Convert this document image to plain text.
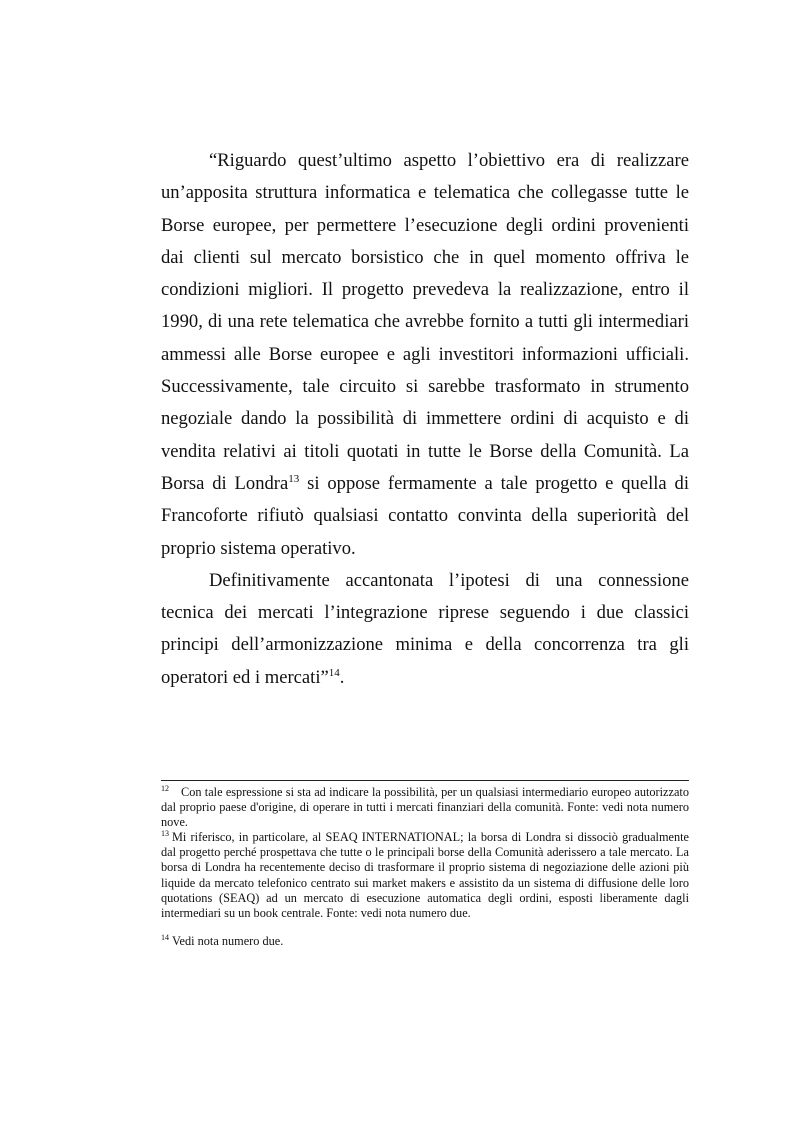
“Riguardo quest’ultimo aspetto l’obiettivo era di realizzare un’apposita struttura informatica e telematica che collegasse tutte le Borse europee, per permettere l’esecuzione degli ordini provenienti dai clienti sul mercato borsistico che in quel momento offriva le condizioni migliori. Il progetto prevedeva la realizzazione, entro il 1990, di una rete telematica che avrebbe fornito a tutti gli intermediari ammessi alle Borse europee e agli investitori informazioni ufficiali. Successivamente, tale circuito si sarebbe trasformato in strumento negoziale dando la possibilità di immettere ordini di acquisto e di vendita relativi ai titoli quotati in tutte le Borse della Comunità. La Borsa di Londra$^{13}$ si oppose fermamente a tale progetto e quella di Francoforte rifiutò qualsiasi contatto convinta della superiorità del proprio sistema operativo.

Definitivamente accantonata l’ipotesi di una connessione tecnica dei mercati l’integrazione riprese seguendo i due classici principi dell’armonizzazione minima e della concorrenza tra gli operatori ed i mercati”$^{14}$.

$^{12}$ Con tale espressione si sta ad indicare la possibilità, per un qualsiasi intermediario europeo autorizzato dal proprio paese d'origine, di operare in tutti i mercati finanziari della comunità. Fonte: vedi nota numero nove.

$^{13}$ Mi riferisco, in particolare, al SEAQ INTERNATIONAL; la borsa di Londra si dissociò gradualmente dal progetto perché prospettava che tutte o le principali borse della Comunità aderissero a tale mercato. La borsa di Londra ha recentemente deciso di trasformare il proprio sistema di negoziazione delle azioni più liquide da mercato telefonico centrato sui market makers e assistito da un sistema di diffusione delle loro quotations (SEAQ) ad un mercato di esecuzione automatica degli ordini, esposti liberamente dagli intermediari su un book centrale. Fonte: vedi nota numero due.

$^{14}$ Vedi nota numero due.
